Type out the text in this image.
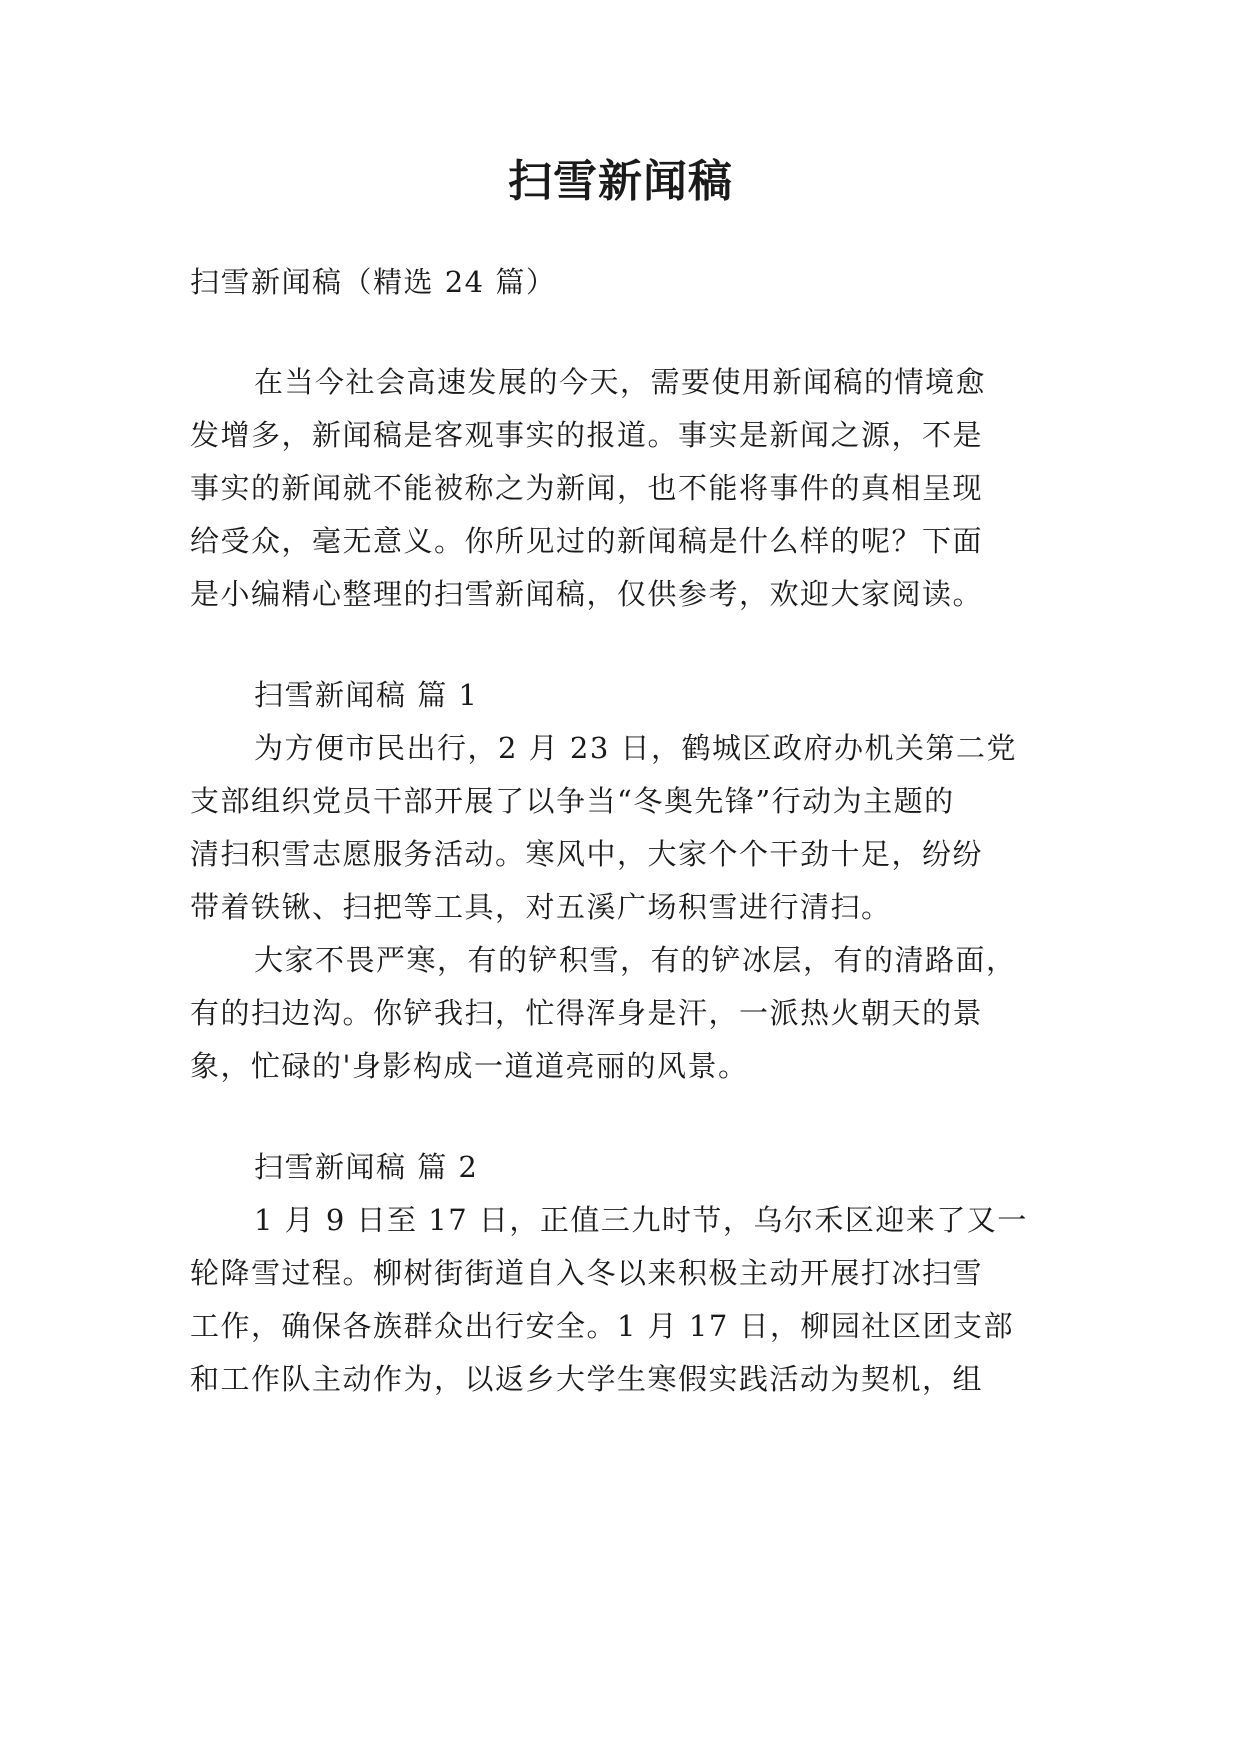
扫雪新闻稿
扫雪新闻稿（精选 24 篇）
在当今社会高速发展的今天，需要使用新闻稿的情境愈
发增多，新闻稿是客观事实的报道。事实是新闻之源，不是
事实的新闻就不能被称之为新闻，也不能将事件的真相呈现
给受众，毫无意义。你所见过的新闻稿是什么样的呢？下面
是小编精心整理的扫雪新闻稿，仅供参考，欢迎大家阅读。
扫雪新闻稿 篇 1
为方便市民出行，2 月 23 日，鹤城区政府办机关第二党
支部组织党员干部开展了以争当“冬奥先锋”行动为主题的
清扫积雪志愿服务活动。寒风中，大家个个干劲十足，纷纷
带着铁锹、扫把等工具，对五溪广场积雪进行清扫。
大家不畏严寒，有的铲积雪，有的铲冰层，有的清路面，
有的扫边沟。你铲我扫，忙得浑身是汗，一派热火朝天的景
象，忙碌的'身影构成一道道亮丽的风景。
扫雪新闻稿 篇 2
1 月 9 日至 17 日，正值三九时节，乌尔禾区迎来了又一
轮降雪过程。柳树街街道自入冬以来积极主动开展打冰扫雪
工作，确保各族群众出行安全。1 月 17 日，柳园社区团支部
和工作队主动作为，以返乡大学生寒假实践活动为契机，组
